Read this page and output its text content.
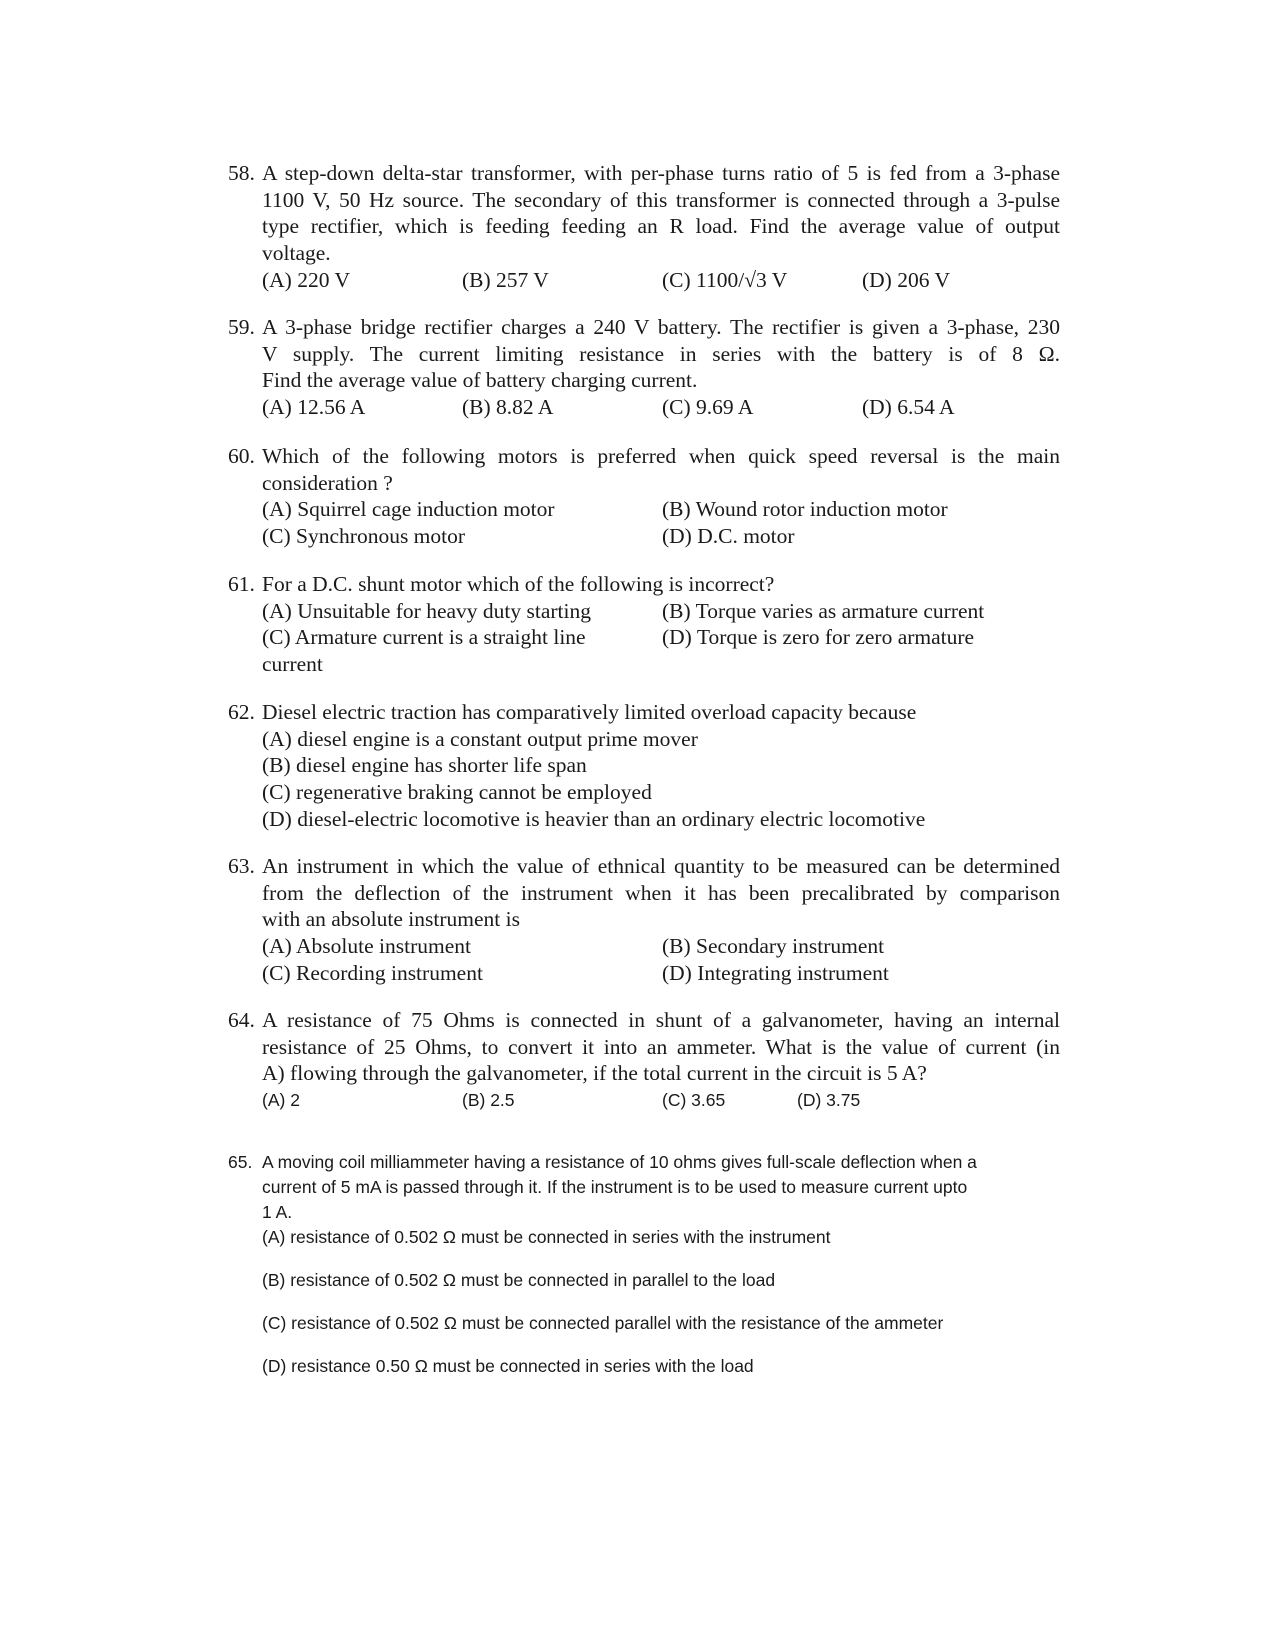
58. A step-down delta-star transformer, with per-phase turns ratio of 5 is fed from a 3-phase
1100 V, 50 Hz source. The secondary of this transformer is connected through a 3-pulse
type rectifier, which is feeding feeding an R load. Find the average value of output
voltage.
(A) 220 V	(B) 257 V	(C) 1100/√3 V	(D) 206 V
59. A 3-phase bridge rectifier charges a 240 V battery. The rectifier is given a 3-phase, 230
V supply. The current limiting resistance in series with the battery is of 8 Ω.
Find the average value of battery charging current.
(A) 12.56 A	(B) 8.82 A	(C) 9.69 A	(D) 6.54 A
60. Which of the following motors is preferred when quick speed reversal is the main
consideration ?
(A) Squirrel cage induction motor	(B) Wound rotor induction motor
(C) Synchronous motor	(D) D.C. motor
61. For a D.C. shunt motor which of the following is incorrect?
(A) Unsuitable for heavy duty starting	(B) Torque varies as armature current
(C) Armature current is a straight line	(D) Torque is zero for zero armature
current
62. Diesel electric traction has comparatively limited overload capacity because
(A) diesel engine is a constant output prime mover
(B) diesel engine has shorter life span
(C) regenerative braking cannot be employed
(D) diesel-electric locomotive is heavier than an ordinary electric locomotive
63. An instrument in which the value of ethnical quantity to be measured can be determined
from the deflection of the instrument when it has been precalibrated by comparison
with an absolute instrument is
(A) Absolute instrument	(B) Secondary instrument
(C) Recording instrument	(D) Integrating instrument
64. A resistance of 75 Ohms is connected in shunt of a galvanometer, having an internal
resistance of 25 Ohms, to convert it into an ammeter. What is the value of current (in
A) flowing through the galvanometer, if the total current in the circuit is 5 A?
(A) 2	(B) 2.5	(C) 3.65	(D) 3.75
65. A moving coil milliammeter having a resistance of 10 ohms gives full-scale deflection when a
current of 5 mA is passed through it. If the instrument is to be used to measure current upto
1 A.
(A) resistance of 0.502 Ω must be connected in series with the instrument
(B) resistance of 0.502 Ω must be connected in parallel to the load
(C) resistance of 0.502 Ω must be connected parallel with the resistance of the ammeter
(D) resistance 0.50 Ω must be connected in series with the load
